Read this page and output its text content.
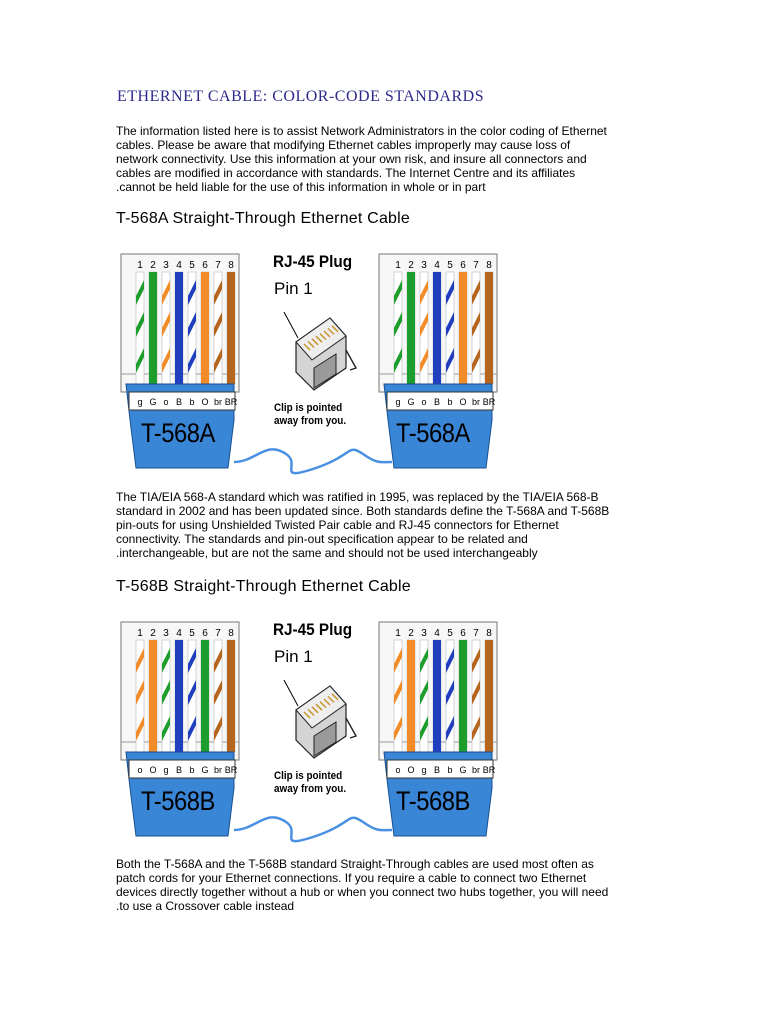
ETHERNET CABLE: COLOR-CODE STANDARDS
The information listed here is to assist Network Administrators in the color coding of Ethernet
cables. Please be aware that modifying Ethernet cables improperly may cause loss of
network connectivity. Use this information at your own risk, and insure all connectors and
cables are modified in accordance with standards. The Internet Centre and its affiliates
.cannot be held liable for the use of this information in whole or in part
T-568A Straight-Through Ethernet Cable
1 2 3 4 5 6 7 8
g G o B b O br BR
1 2 3 4 5 6 7 8
g G o B b O br BR
RJ-45 Plug
Pin 1
Clip is pointed
away from you.
T-568A	T-568A
The TIA/EIA 568-A standard which was ratified in 1995, was replaced by the TIA/EIA 568-B
standard in 2002 and has been updated since. Both standards define the T-568A and T-568B
pin-outs for using Unshielded Twisted Pair cable and RJ-45 connectors for Ethernet
connectivity. The standards and pin-out specification appear to be related and
.interchangeable, but are not the same and should not be used interchangeably
T-568B Straight-Through Ethernet Cable
1 2 3 4 5 6 7 8
o O g B b G br BR
1 2 3 4 5 6 7 8
o O g B b G br BR
RJ-45 Plug
Pin 1
Clip is pointed
away from you.
T-568B	T-568B
Both the T-568A and the T-568B standard Straight-Through cables are used most often as
patch cords for your Ethernet connections. If you require a cable to connect two Ethernet
devices directly together without a hub or when you connect two hubs together, you will need
.to use a Crossover cable instead
